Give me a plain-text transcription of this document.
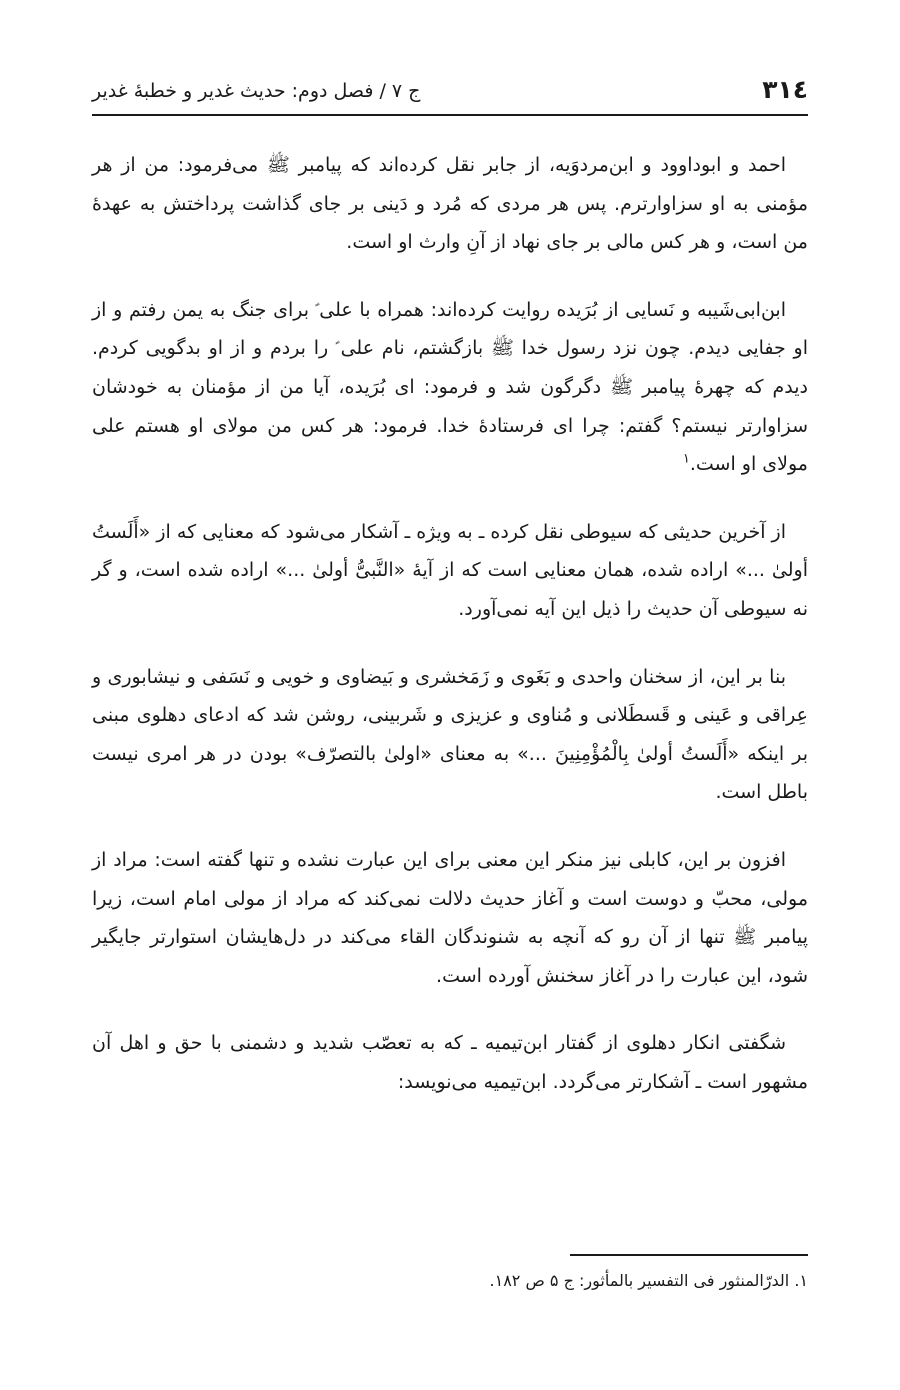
٣١٤
ج ٧ / فصل دوم: حدیث غدیر و خطبهٔ غدیر

احمد و ابوداوود و ابن‌مردوَیه، از جابر نقل کرده‌اند که پیامبر ﷺ می‌فرمود: من از هر مؤمنی به او سزاوارترم. پس هر مردی که مُرد و دَینی بر جای گذاشت پرداختش به عهدهٔ من است، و هر کس مالی بر جای نهاد از آنِ وارث او است.

ابن‌ابی‌شَیبه و نَسایی از بُرَیده روایت کرده‌اند: همراه با علی ؑ برای جنگ به یمن رفتم و از او جفایی دیدم. چون نزد رسول خدا ﷺ بازگشتم، نام علی ؑ را بردم و از او بدگویی کردم. دیدم که چهرهٔ پیامبر ﷺ دگرگون شد و فرمود: ای بُرَیده، آیا من از مؤمنان به خودشان سزاوارتر نیستم؟ گفتم: چرا ای فرستادهٔ خدا. فرمود: هر کس من مولای او هستم علی مولای او است.$^١$

از آخرین حدیثی که سیوطی نقل کرده ـ به ویژه ـ آشکار می‌شود که معنایی که از «أَلَستُ أولیٰ ...» اراده شده، همان معنایی است که از آیهٔ «النَّبیُّ أولیٰ ...» اراده شده است، و گر نه سیوطی آن حدیث را ذیل این آیه نمی‌آورد.

بنا بر این، از سخنان واحدی و بَغَوی و زَمَخشری و بَیضاوی و خویی و نَسَفی و نیشابوری و عِراقی و عَینی و قَسطَلانی و مُناوی و عزیزی و شَربینی، روشن شد که ادعای دهلوی مبنی بر اینکه «أَلَستُ أولیٰ بِالْمُؤْمِنِینَ ...» به معنای «اولیٰ بالتصرّف» بودن در هر امری نیست باطل است.

افزون بر این، کابلی نیز منکر این معنی برای این عبارت نشده و تنها گفته است: مراد از مولی، محبّ و دوست است و آغاز حدیث دلالت نمی‌کند که مراد از مولی امام است، زیرا پیامبر ﷺ تنها از آن رو که آنچه به شنوندگان القاء می‌کند در دل‌هایشان استوارتر جایگیر شود، این عبارت را در آغاز سخنش آورده است.

شگفتی انکار دهلوی از گفتار ابن‌تیمیه ـ که به تعصّب شدید و دشمنی با حق و اهل آن مشهور است ـ آشکارتر می‌گردد. ابن‌تیمیه می‌نویسد:

١. الدرّالمنثور فی التفسیر بالمأثور: ج ۵ ص ١٨٢.
